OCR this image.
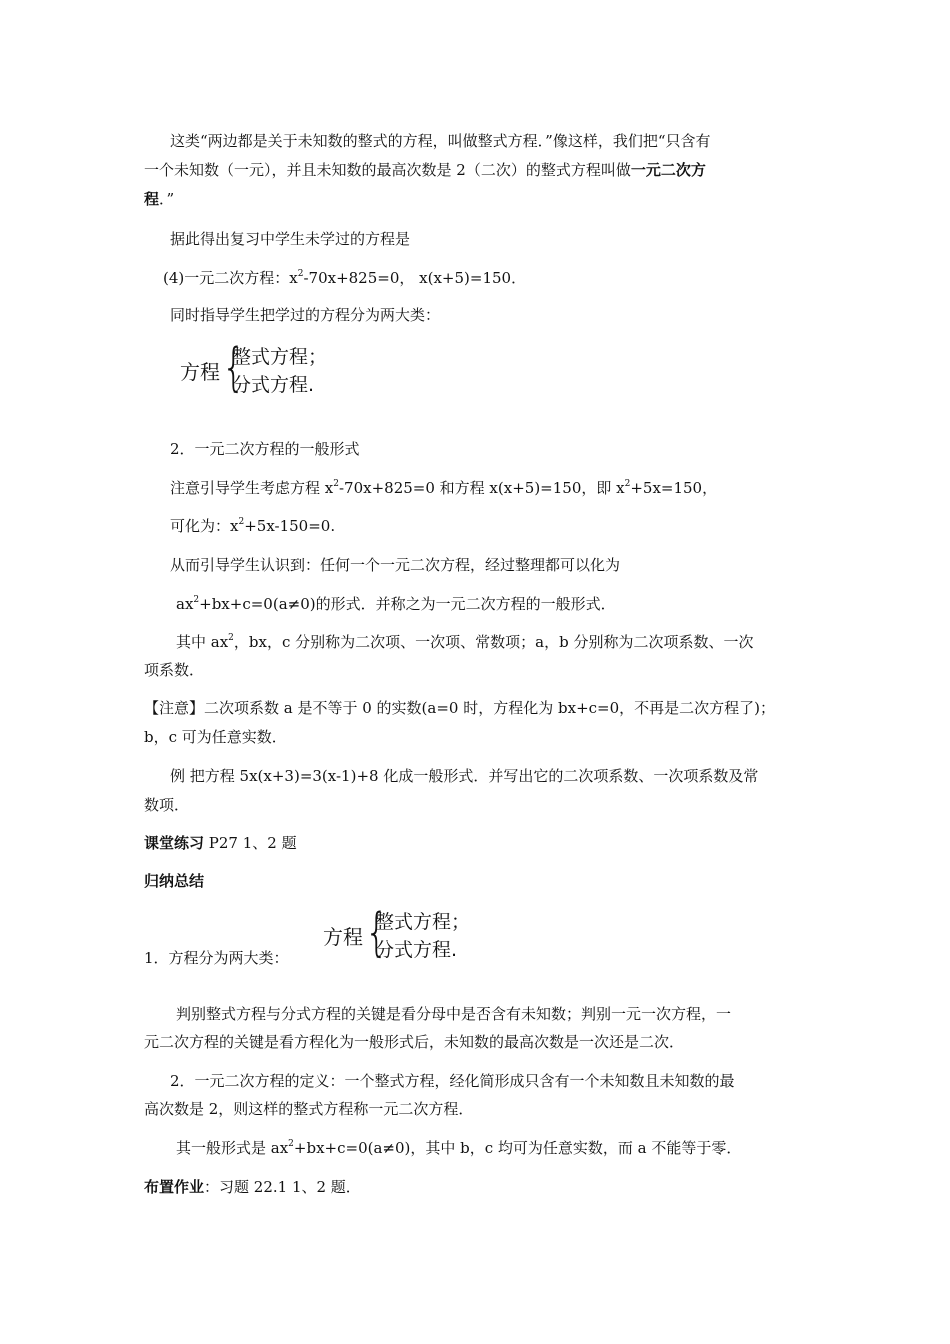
这类“两边都是关于未知数的整式的方程，叫做整式方程．”像这样，我们把“只含有
一个未知数（一元），并且未知数的最高次数是 2（二次）的整式方程叫做一元二次方
程．”
据此得出复习中学生未学过的方程是
(4)一元二次方程：$x^2-70x+825=0$， x(x+5)=150．
同时指导学生把学过的方程分为两大类：
方程 {
整式方程；
分式方程.
2．一元二次方程的一般形式
注意引导学生考虑方程 $x^2-70x+825=0$ 和方程 x(x+5)=150，即 $x^2+5x=150$，
可化为：$x^2+5x-150=0$.
从而引导学生认识到：任何一个一元二次方程，经过整理都可以化为
$ax^2+bx+c=0(a\ne 0)$的形式．并称之为一元二次方程的一般形式．
其中 $ax^2$，bx，c 分别称为二次项、一次项、常数项；a，b 分别称为二次项系数、一次
项系数．
【注意】二次项系数 a 是不等于 0 的实数(a=0 时，方程化为 bx+c=0，不再是二次方程了)；
b，c 可为任意实数．
例 把方程 5x(x+3)=3(x-1)+8 化成一般形式．并写出它的二次项系数、一次项系数及常
数项．
课堂练习 P27 1、2 题
归纳总结
1．方程分为两大类：
方程 {
整式方程；
分式方程.
判别整式方程与分式方程的关键是看分母中是否含有未知数；判别一元一次方程，一
元二次方程的关键是看方程化为一般形式后，未知数的最高次数是一次还是二次．
2．一元二次方程的定义：一个整式方程，经化简形成只含有一个未知数且未知数的最
高次数是 2，则这样的整式方程称一元二次方程．
其一般形式是 $ax^2+bx+c=0(a\ne 0)$，其中 b，c 均可为任意实数，而 a 不能等于零．
布置作业：习题 22.1 1、2 题．
